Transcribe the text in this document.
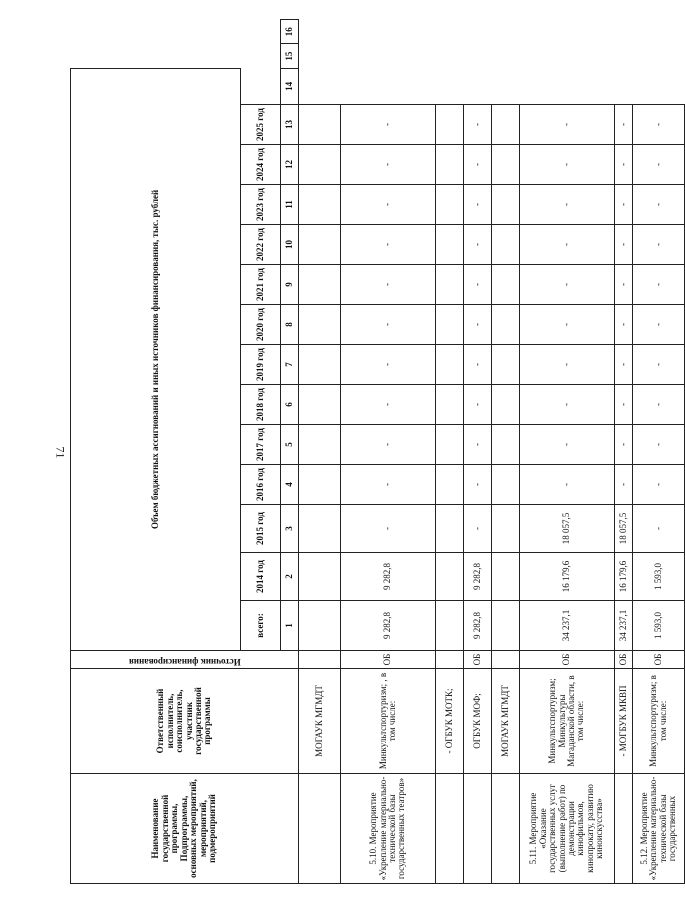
71
Наименование государственной программы, Подпрограммы, основных мероприятий, мероприятий, подмероприятий	Ответственный исполнитель, соисполнитель, участник государственной программы	Источник финансирования	Объем бюджетных ассигнований и иных источников финансирования, тыс. рублей															
			всего:	2014 год	2015 год	2016 год	2017 год	2018 год	2019 год	2020 год	2021 год	2022 год	2023 год	2024 год	2025 год			
			1	2	3	4	5	6	7	8	9	10	11	12	13	14	15	16
	МОГАУК МГМДТ																	
5.10. Мероприятие «Укрепление материально-технической базы государственных театров»	Минкультспортуризм; , в том числе:	ОБ	9 282,8	9 282,8	-	-	-	-	-	-	-	-	-	-	-			
	- ОГБУК МОТК;																	
	ОГБУК МОФ;	ОБ	9 282,8	9 282,8	-	-	-	-	-	-	-	-	-	-	-			
	МОГАУК МГМДТ																	
5.11. Мероприятие «Оказание государственных услуг (выполнение работ) по демонстрации кинофильмов, кинопрокату, развитию киноискусства»	Минкультспортуризм; Минкультуры Магаданской области, в том числе:	ОБ	34 237,1	16 179,6	18 057,5	-	-	-	-	-	-	-	-	-	-			
	- МОГБУК МКВП	ОБ	34 237,1	16 179,6	18 057,5	-	-	-	-	-	-	-	-	-	-			
5.12. Мероприятие «Укрепление материально-технической базы государственных	Минкультспортуризм; в том числе:	ОБ	1 593,0	1 593,0	-	-	-	-	-	-	-	-	-	-	-			
